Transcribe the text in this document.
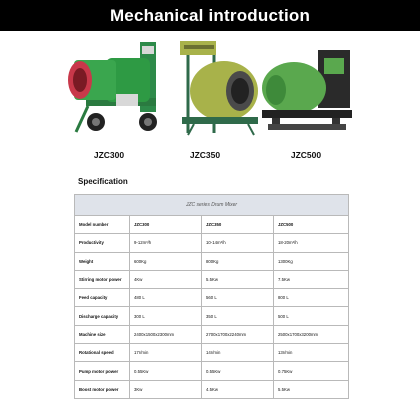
Mechanical introduction
JZC300	JZC350	JZC500
Specification
JZC series Drum Mixer			
Model number	JZC300	JZC350	JZC500
Productivity	9-12m³/h	10-14m³/h	18-20m³/h
Weight	600Kg	800Kg	1300Kg
Stirring motor power	4Kw	5.5Kw	7.5Kw
Feed capacity	480 L	560 L	800 L
Discharge capacity	300 L	350 L	500 L
Machine size	2400x1500x2300mm	2700x1700x2240mm	2500x1700x3200mm
Rotational speed	17r/min	14r/min	13r/min
Pump motor power	0.55Kw	0.55Kw	0.75Kw
Boost motor power	3Kw	4.5Kw	5.5Kw
